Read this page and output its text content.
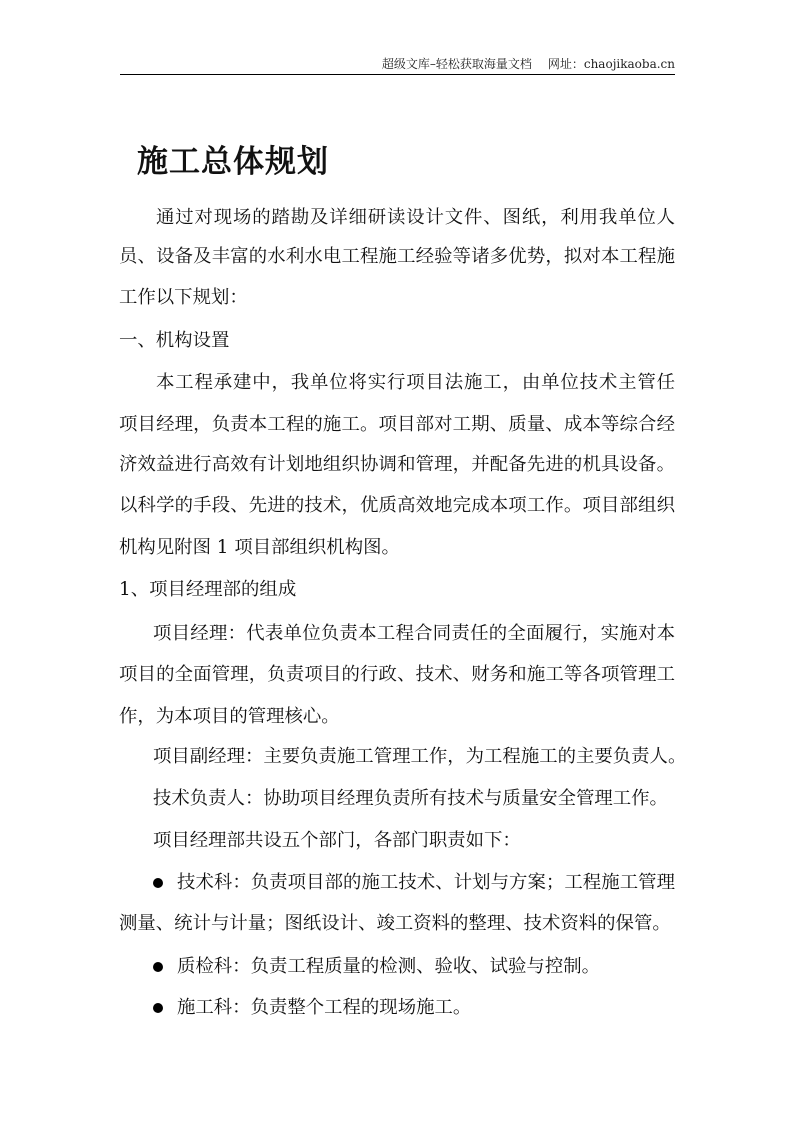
超级文库–轻松获取海量文档 网址：chaojikaoba.cn
施工总体规划
通过对现场的踏勘及详细研读设计文件、图纸，利用我单位人
员、设备及丰富的水利水电工程施工经验等诸多优势，拟对本工程施
工作以下规划：
一、机构设置
本工程承建中，我单位将实行项目法施工，由单位技术主管任
项目经理，负责本工程的施工。项目部对工期、质量、成本等综合经
济效益进行高效有计划地组织协调和管理，并配备先进的机具设备。
以科学的手段、先进的技术，优质高效地完成本项工作。项目部组织
机构见附图 1 项目部组织机构图。
1、项目经理部的组成
项目经理：代表单位负责本工程合同责任的全面履行，实施对本
项目的全面管理，负责项目的行政、技术、财务和施工等各项管理工
作，为本项目的管理核心。
项目副经理：主要负责施工管理工作，为工程施工的主要负责人。
技术负责人：协助项目经理负责所有技术与质量安全管理工作。
项目经理部共设五个部门，各部门职责如下：
技术科：负责项目部的施工技术、计划与方案；工程施工管理
测量、统计与计量；图纸设计、竣工资料的整理、技术资料的保管。
质检科：负责工程质量的检测、验收、试验与控制。
施工科：负责整个工程的现场施工。
